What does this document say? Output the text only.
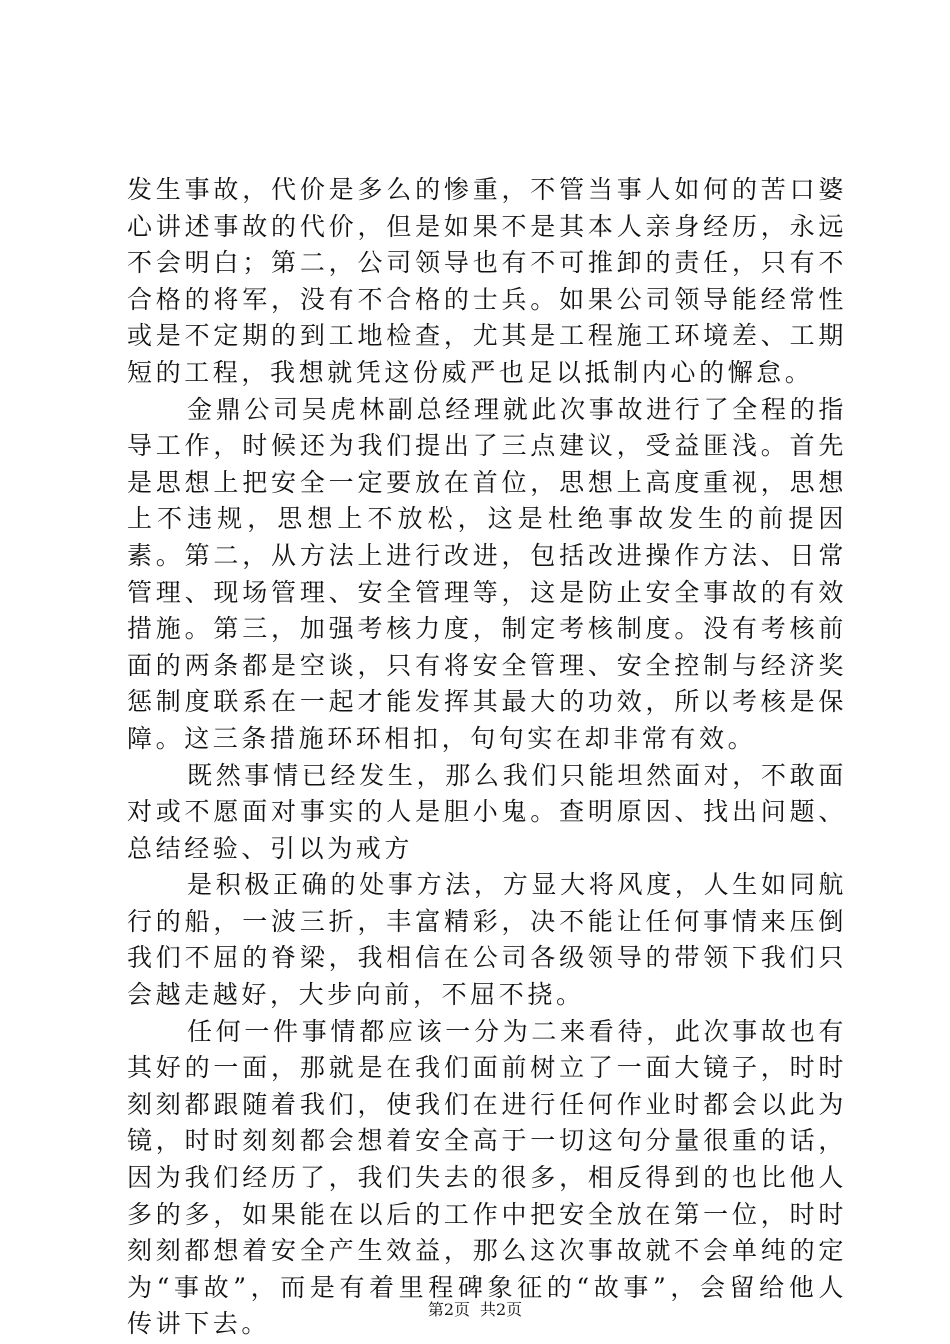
发生事故，代价是多么的惨重，不管当事人如何的苦口婆心讲述事故的代价，但是如果不是其本人亲身经历，永远不会明白；第二，公司领导也有不可推卸的责任，只有不合格的将军，没有不合格的士兵。如果公司领导能经常性或是不定期的到工地检查，尤其是工程施工环境差、工期短的工程，我想就凭这份威严也足以抵制内心的懈怠。

金鼎公司吴虎林副总经理就此次事故进行了全程的指导工作，时候还为我们提出了三点建议，受益匪浅。首先是思想上把安全一定要放在首位，思想上高度重视，思想上不违规，思想上不放松，这是杜绝事故发生的前提因素。第二，从方法上进行改进，包括改进操作方法、日常管理、现场管理、安全管理等，这是防止安全事故的有效措施。第三，加强考核力度，制定考核制度。没有考核前面的两条都是空谈，只有将安全管理、安全控制与经济奖惩制度联系在一起才能发挥其最大的功效，所以考核是保障。这三条措施环环相扣，句句实在却非常有效。

既然事情已经发生，那么我们只能坦然面对，不敢面对或不愿面对事实的人是胆小鬼。查明原因、找出问题、总结经验、引以为戒方

是积极正确的处事方法，方显大将风度，人生如同航行的船，一波三折，丰富精彩，决不能让任何事情来压倒我们不屈的脊梁，我相信在公司各级领导的带领下我们只会越走越好，大步向前，不屈不挠。

任何一件事情都应该一分为二来看待，此次事故也有其好的一面，那就是在我们面前树立了一面大镜子，时时刻刻都跟随着我们，使我们在进行任何作业时都会以此为镜，时时刻刻都会想着安全高于一切这句分量很重的话，因为我们经历了，我们失去的很多，相反得到的也比他人多的多，如果能在以后的工作中把安全放在第一位，时时刻刻都想着安全产生效益，那么这次事故就不会单纯的定为“事故”，而是有着里程碑象征的“故事”，会留给他人传讲下去。	第2页 共2页
